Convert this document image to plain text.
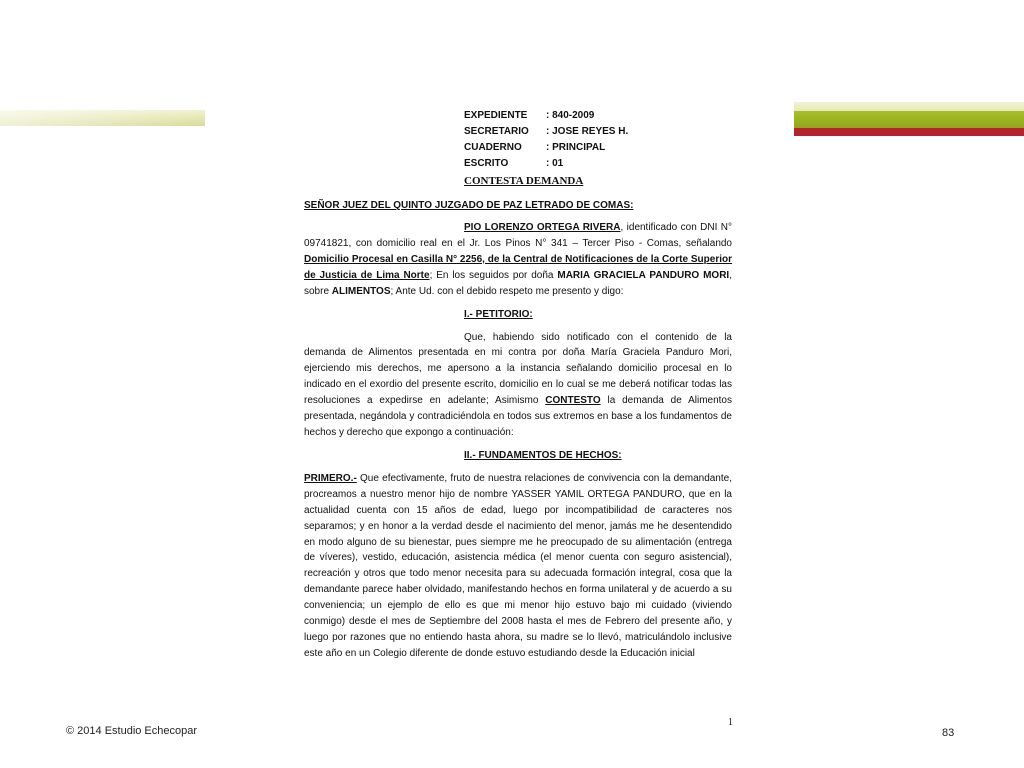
EXPEDIENTE	: 840-2009
SECRETARIO	: JOSE REYES H.
CUADERNO	: PRINCIPAL
ESCRITO	: 01
CONTESTA DEMANDA
SEÑOR JUEZ DEL QUINTO JUZGADO DE PAZ LETRADO DE COMAS:

PIO LORENZO ORTEGA RIVERA, identificado con DNI N° 09741821, con domicilio real en el Jr. Los Pinos N° 341 – Tercer Piso - Comas, señalando Domicilio Procesal en Casilla N° 2256, de la Central de Notificaciones de la Corte Superior de Justicia de Lima Norte; En los seguidos por doña MARIA GRACIELA PANDURO MORI, sobre ALIMENTOS; Ante Ud. con el debido respeto me presento y digo:

I.- PETITORIO:

Que, habiendo sido notificado con el contenido de la demanda de Alimentos presentada en mi contra por doña María Graciela Panduro Mori, ejerciendo mis derechos, me apersono a la instancia señalando domicilio procesal en lo indicado en el exordio del presente escrito, domicilio en lo cual se me deberá notificar todas las resoluciones a expedirse en adelante; Asimismo CONTESTO la demanda de Alimentos presentada, negándola y contradiciéndola en todos sus extremos en base a los fundamentos de hechos y derecho que expongo a continuación:

II.- FUNDAMENTOS DE HECHOS:

PRIMERO.- Que efectivamente, fruto de nuestra relaciones de convivencia con la demandante, procreamos a nuestro menor hijo de nombre YASSER YAMIL ORTEGA PANDURO, que en la actualidad cuenta con 15 años de edad, luego por incompatibilidad de caracteres nos separamos; y en honor a la verdad desde el nacimiento del menor, jamás me he desentendido en modo alguno de su bienestar, pues siempre me he preocupado de su alimentación (entrega de víveres), vestido, educación, asistencia médica (el menor cuenta con seguro asistencial), recreación y otros que todo menor necesita para su adecuada formación integral, cosa que la demandante parece haber olvidado, manifestando hechos en forma unilateral y de acuerdo a su conveniencia; un ejemplo de ello es que mi menor hijo estuvo bajo mi cuidado (viviendo conmigo) desde el mes de Septiembre del 2008 hasta el mes de Febrero del presente año, y luego por razones que no entiendo hasta ahora, su madre se lo llevó, matriculándolo inclusive este año en un Colegio diferente de donde estuvo estudiando desde la Educación inicial

1
© 2014 Estudio Echecopar	83
